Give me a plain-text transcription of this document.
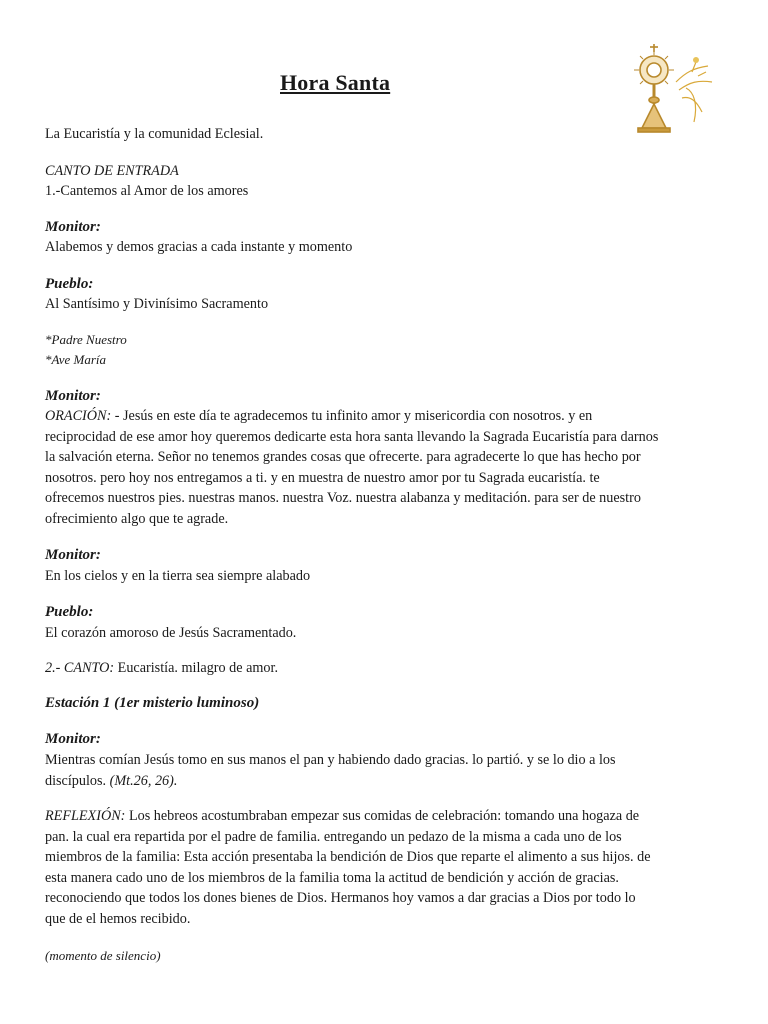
Hora Santa

La Eucaristía y la comunidad Eclesial.

CANTO DE ENTRADA

1.-Cantemos al Amor de los amores

Monitor:

Alabemos y demos gracias a cada instante y momento

Pueblo:

Al Santísimo y Divinísimo Sacramento

*Padre Nuestro

*Ave María

Monitor:

ORACIÓN: - Jesús en este día te agradecemos tu infinito amor y misericordia con nosotros. y en

reciprocidad de ese amor hoy queremos dedicarte esta hora santa llevando la Sagrada Eucaristía para darnos

la salvación eterna. Señor no tenemos grandes cosas que ofrecerte. para agradecerte lo que has hecho por

nosotros. pero hoy nos entregamos a ti. y en muestra de nuestro amor por tu Sagrada eucaristía. te

ofrecemos nuestros pies. nuestras manos. nuestra Voz. nuestra alabanza y meditación. para ser de nuestro

ofrecimiento algo que te agrade.

Monitor:

En los cielos y en la tierra sea siempre alabado

Pueblo:

El corazón amoroso de Jesús Sacramentado.

2.- CANTO: Eucaristía. milagro de amor.

Estación 1 (1er misterio luminoso)

Monitor:

Mientras comían Jesús tomo en sus manos el pan y habiendo dado gracias. lo partió. y se lo dio a los

discípulos. (Mt.26, 26).

REFLEXIÓN: Los hebreos acostumbraban empezar sus comidas de celebración: tomando una hogaza de

pan. la cual era repartida por el padre de familia. entregando un pedazo de la misma a cada uno de los

miembros de la familia: Esta acción presentaba la bendición de Dios que reparte el alimento a sus hijos. de

esta manera cado uno de los miembros de la familia toma la actitud de bendición y acción de gracias.

reconociendo que todos los dones bienes de Dios. Hermanos hoy vamos a dar gracias a Dios por todo lo

que de el hemos recibido.

(momento de silencio)
